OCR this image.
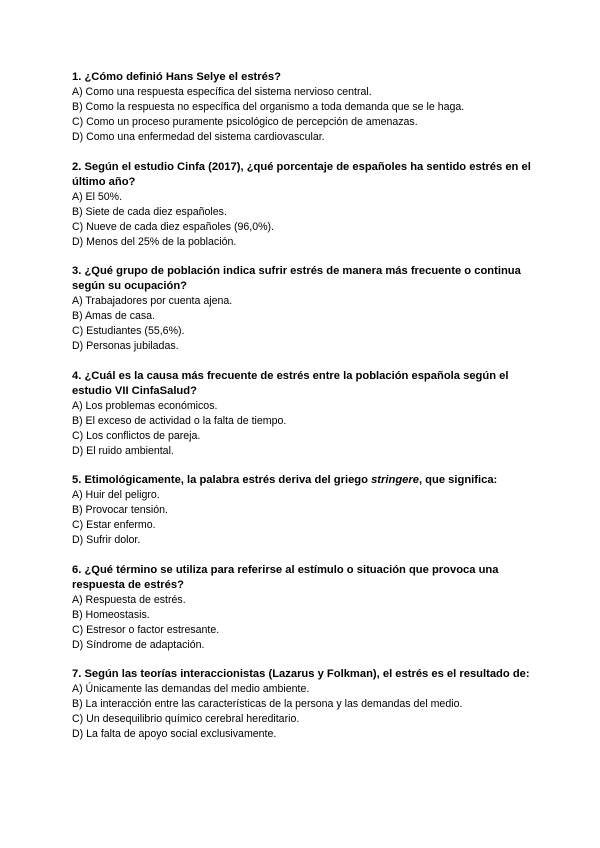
1. ¿Cómo definió Hans Selye el estrés?

A) Como una respuesta específica del sistema nervioso central.
B) Como la respuesta no específica del organismo a toda demanda que se le haga.
C) Como un proceso puramente psicológico de percepción de amenazas.
D) Como una enfermedad del sistema cardiovascular.

2. Según el estudio Cinfa (2017), ¿qué porcentaje de españoles ha sentido estrés en el último año?

A) El 50%.
B) Siete de cada diez españoles.
C) Nueve de cada diez españoles (96,0%).
D) Menos del 25% de la población.

3. ¿Qué grupo de población indica sufrir estrés de manera más frecuente o continua según su ocupación?

A) Trabajadores por cuenta ajena.
B) Amas de casa.
C) Estudiantes (55,6%).
D) Personas jubiladas.

4. ¿Cuál es la causa más frecuente de estrés entre la población española según el estudio VII CinfaSalud?

A) Los problemas económicos.
B) El exceso de actividad o la falta de tiempo.
C) Los conflictos de pareja.
D) El ruido ambiental.

5. Etimológicamente, la palabra estrés deriva del griego stringere, que significa:

A) Huir del peligro.
B) Provocar tensión.
C) Estar enfermo.
D) Sufrir dolor.

6. ¿Qué término se utiliza para referirse al estímulo o situación que provoca una respuesta de estrés?

A) Respuesta de estrés.
B) Homeostasis.
C) Estresor o factor estresante.
D) Síndrome de adaptación.

7. Según las teorías interaccionistas (Lazarus y Folkman), el estrés es el resultado de:

A) Únicamente las demandas del medio ambiente.
B) La interacción entre las características de la persona y las demandas del medio.
C) Un desequilibrio químico cerebral hereditario.
D) La falta de apoyo social exclusivamente.
